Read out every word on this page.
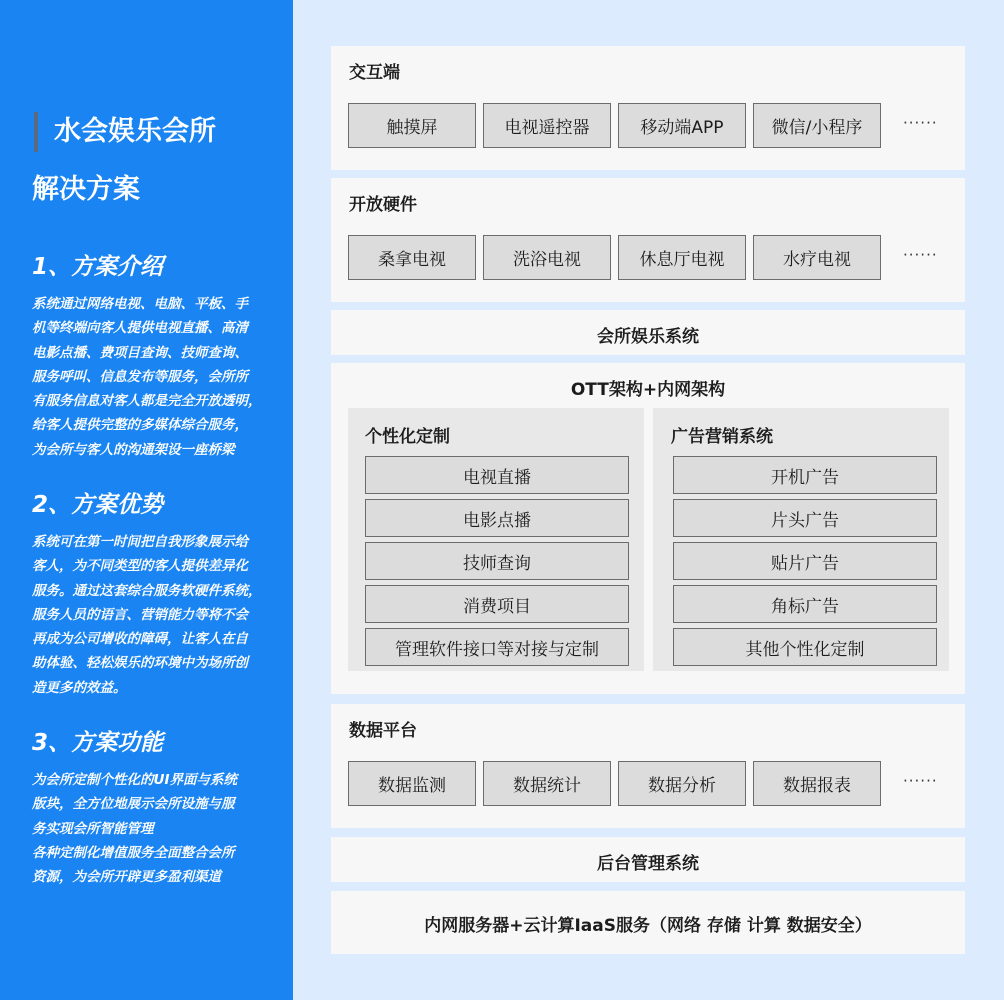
水会娱乐会所
解决方案
1、方案介绍
系统通过网络电视、电脑、平板、手
机等终端向客人提供电视直播、高清
电影点播、费项目查询、技师查询、
服务呼叫、信息发布等服务，会所所
有服务信息对客人都是完全开放透明，
给客人提供完整的多媒体综合服务，
为会所与客人的沟通架设一座桥梁
2、方案优势
系统可在第一时间把自我形象展示给
客人，为不同类型的客人提供差异化
服务。通过这套综合服务软硬件系统，
服务人员的语言、营销能力等将不会
再成为公司增收的障碍，让客人在自
助体验、轻松娱乐的环境中为场所创
造更多的效益。
3、方案功能
为会所定制个性化的UI界面与系统
版块，全方位地展示会所设施与服
务实现会所智能管理
各种定制化增值服务全面整合会所
资源，为会所开辟更多盈利渠道
交互端
触摸屏	电视遥控器	移动端APP	微信/小程序	······
开放硬件
桑拿电视	洗浴电视	休息厅电视	水疗电视	······
会所娱乐系统
OTT架构+内网架构
个性化定制
电视直播
电影点播
技师查询
消费项目
管理软件接口等对接与定制
广告营销系统
开机广告
片头广告
贴片广告
角标广告
其他个性化定制
数据平台
数据监测	数据统计	数据分析	数据报表	······
后台管理系统
内网服务器+云计算IaaS服务（网络 存储 计算 数据安全）
